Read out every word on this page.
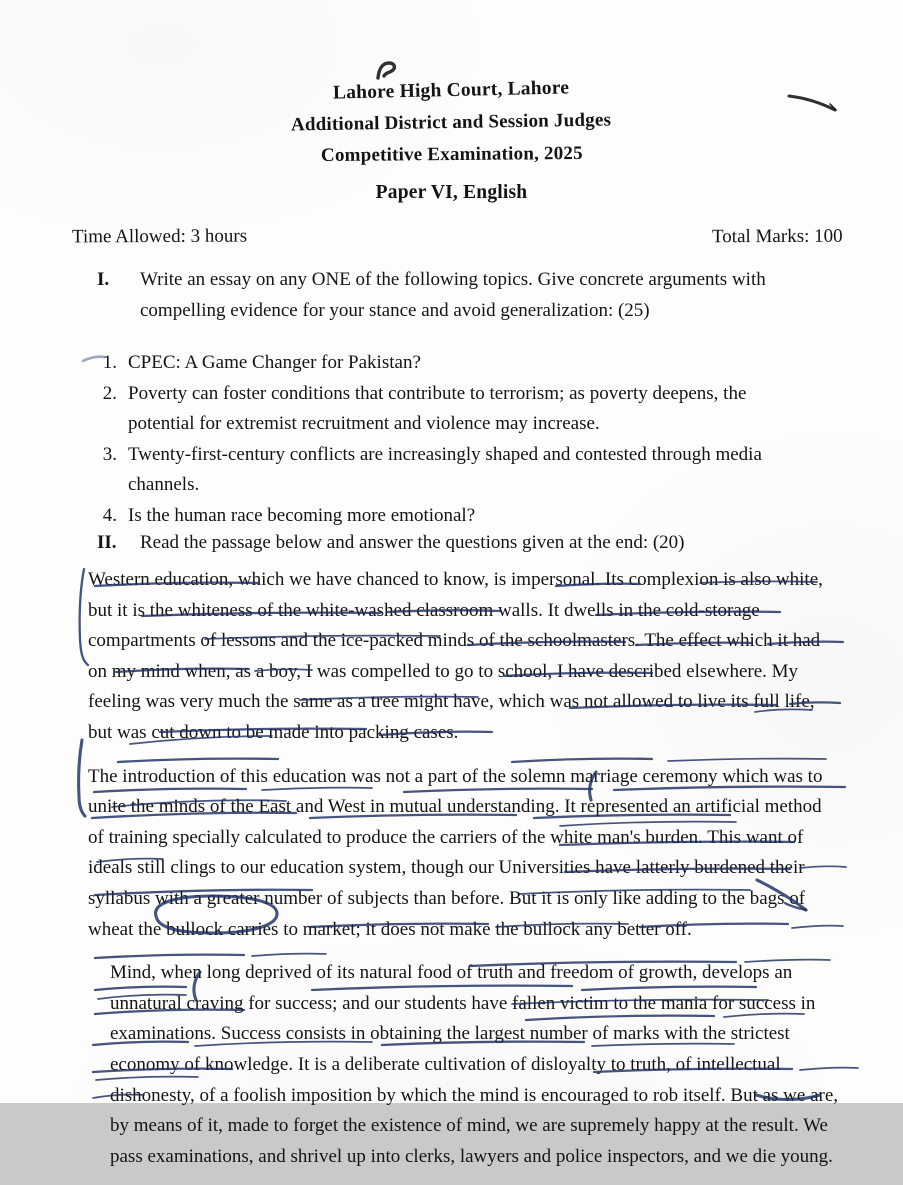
Lahore High Court, Lahore
Additional District and Session Judges
Competitive Examination, 2025
Paper VI, English
Time Allowed: 3 hours	Total Marks: 100
I.	Write an essay on any ONE of the following topics. Give concrete arguments with compelling evidence for your stance and avoid generalization: (25)
1. CPEC: A Game Changer for Pakistan?
2. Poverty can foster conditions that contribute to terrorism; as poverty deepens, the potential for extremist recruitment and violence may increase.
3. Twenty-first-century conflicts are increasingly shaped and contested through media channels.
4. Is the human race becoming more emotional?
II.	Read the passage below and answer the questions given at the end: (20)

Western education, which we have chanced to know, is impersonal. Its complexion is also white,
but it is the whiteness of the white-washed classroom walls. It dwells in the cold-storage
compartments of lessons and the ice-packed minds of the schoolmasters. The effect which it had
on my mind when, as a boy, I was compelled to go to school, I have described elsewhere. My
feeling was very much the same as a tree might have, which was not allowed to live its full life,
but was cut down to be made into packing cases.

The introduction of this education was not a part of the solemn marriage ceremony which was to
unite the minds of the East and West in mutual understanding. It represented an artificial method
of training specially calculated to produce the carriers of the white man's burden. This want of
ideals still clings to our education system, though our Universities have latterly burdened their
syllabus with a greater number of subjects than before. But it is only like adding to the bags of
wheat the bullock carries to market; it does not make the bullock any better off.

Mind, when long deprived of its natural food of truth and freedom of growth, develops an
unnatural craving for success; and our students have fallen victim to the mania for success in
examinations. Success consists in obtaining the largest number of marks with the strictest
economy of knowledge. It is a deliberate cultivation of disloyalty to truth, of intellectual
dishonesty, of a foolish imposition by which the mind is encouraged to rob itself. But as we are,
by means of it, made to forget the existence of mind, we are supremely happy at the result. We
pass examinations, and shrivel up into clerks, lawyers and police inspectors, and we die young.
